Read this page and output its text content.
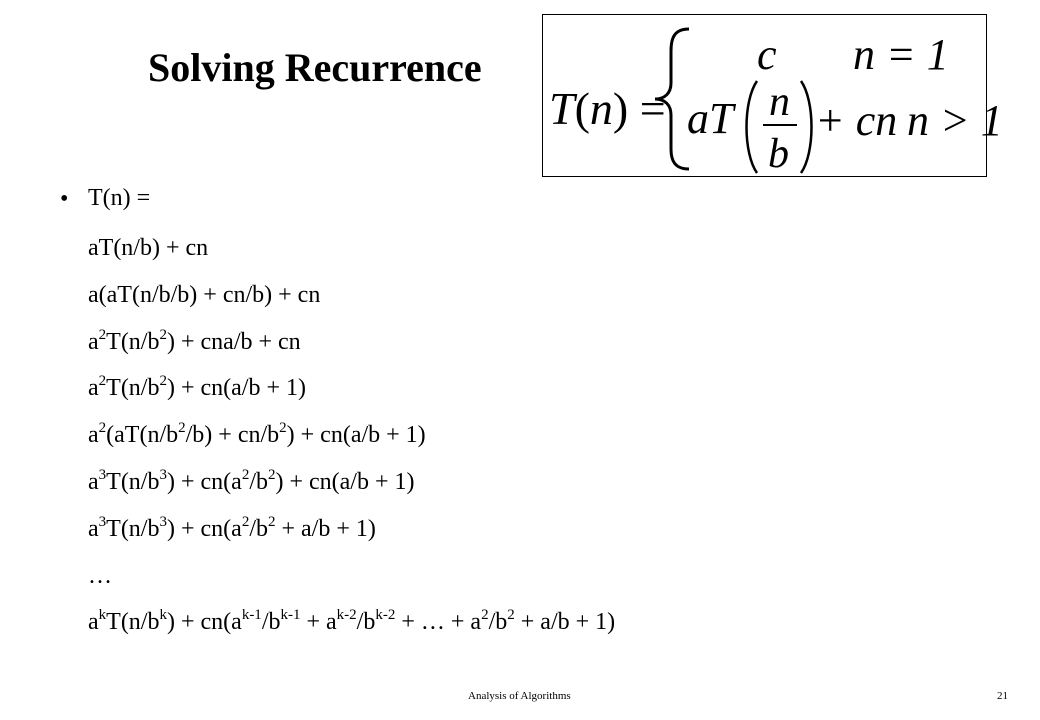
Solving Recurrence
T(n) =
c n = 1
aT n
b
+ cn n > 1
• T(n) =
aT(n/b) + cn
a(aT(n/b/b) + cn/b) + cn
$a^2T(n/b^2) + cna/b$ + cn
$a^2T(n/b^2) + cn(a/b + 1)$
$a^2(aT(n/b^2/b) + cn/b^2) + cn(a/b + 1)$
$a^3T(n/b^3) + cn(a^2/b^2) + cn(a/b + 1)$
$a^3T(n/b^3) + cn(a^2/b^2 + a/b + 1)$
…
$a^kT(n/b^k) + cn(a^{k-1}/b^{k-1} + a^{k-2}/b^{k-2}$ + … + $a^2/b^2 + a/b + 1$)
Analysis of Algorithms	21
